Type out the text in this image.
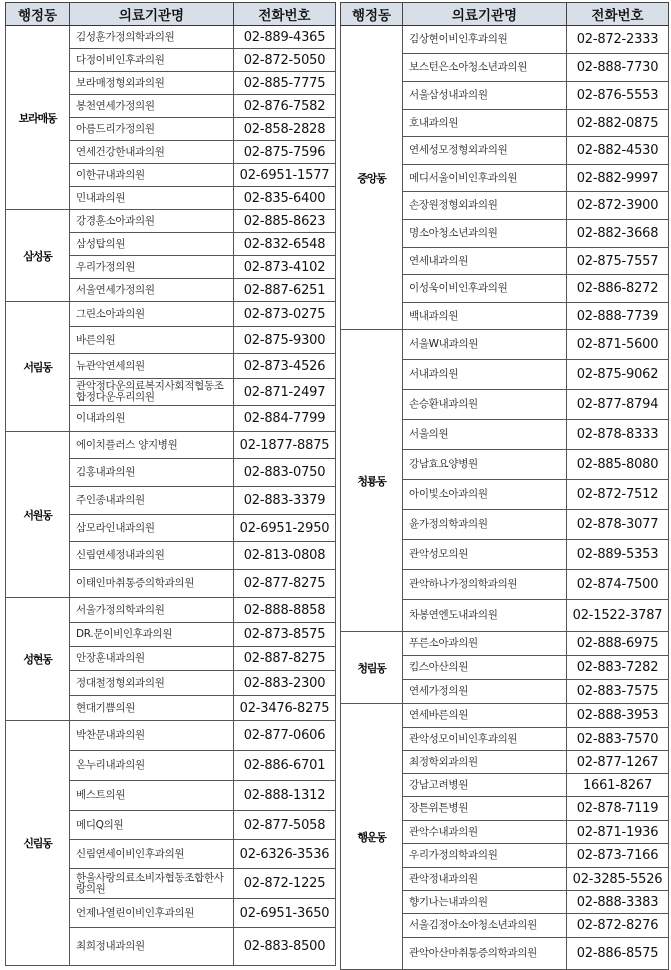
행정동	의료기관명	전화번호
보라매동	김성훈가정의학과의원	02-889-4365
	다정이비인후과의원	02-872-5050
	보라매정형외과의원	02-885-7775
	봉천연세가정의원	02-876-7582
	아름드리가정의원	02-858-2828
	연세건강한내과의원	02-875-7596
	이한규내과의원	02-6951-1577
	민내과의원	02-835-6400
삼성동	강경훈소아과의원	02-885-8623
	삼성탑의원	02-832-6548
	우리가정의원	02-873-4102
	서울연세가정의원	02-887-6251
서림동	그린소아과의원	02-873-0275
	바른의원	02-875-9300
	뉴관악연세의원	02-873-4526
	관악정다운의료복지사회적협동조합정다운우리의원	02-871-2497
	이내과의원	02-884-7799
서원동	에이치플러스 양지병원	02-1877-8875
	김홍내과의원	02-883-0750
	주인종내과의원	02-883-3379
	삼모라인내과의원	02-6951-2950
	신림연세정내과의원	02-813-0808
	이태인마취통증의학과의원	02-877-8275
성현동	서울가정의학과의원	02-888-8858
	DR.문이비인후과의원	02-873-8575
	안장훈내과의원	02-887-8275
	정대철정형외과의원	02-883-2300
	현대기쁨의원	02-3476-8275
신림동	박찬문내과의원	02-877-0606
	온누리내과의원	02-886-6701
	베스트의원	02-888-1312
	메디Q의원	02-877-5058
	신림연세이비인후과의원	02-6326-3536
	한울사랑의료소비자협동조합한사랑의원	02-872-1225
	언제나열린이비인후과의원	02-6951-3650
	최희정내과의원	02-883-8500
행정동	의료기관명	전화번호
중앙동	김상현이비인후과의원	02-872-2333
	보스턴은소아청소년과의원	02-888-7730
	서울삼성내과의원	02-876-5553
	호내과의원	02-882-0875
	연세성모정형외과의원	02-882-4530
	메디서울이비인후과의원	02-882-9997
	손장원정형외과의원	02-872-3900
	명소아청소년과의원	02-882-3668
	연세내과의원	02-875-7557
	이성욱이비인후과의원	02-886-8272
	백내과의원	02-888-7739
청룡동	서울W내과의원	02-871-5600
	서내과의원	02-875-9062
	손승환내과의원	02-877-8794
	서울의원	02-878-8333
	강남효요양병원	02-885-8080
	아이빛소아과의원	02-872-7512
	윤가정의학과의원	02-878-3077
	관악성모의원	02-889-5353
	관악하나가정의학과의원	02-874-7500
	차봉연엔도내과의원	02-1522-3787
청림동	푸른소아과의원	02-888-6975
	킴스아산의원	02-883-7282
	연세가정의원	02-883-7575
행운동	연세바른의원	02-888-3953
	관악성모이비인후과의원	02-883-7570
	최정학외과의원	02-877-1267
	강남고려병원	1661-8267
	장튼위튼병원	02-878-7119
	관악수내과의원	02-871-1936
	우리가정의학과의원	02-873-7166
	관악정내과의원	02-3285-5526
	향기나는내과의원	02-888-3383
	서울김정아소아청소년과의원	02-872-8276
	관악아산마취통증의학과의원	02-886-8575
